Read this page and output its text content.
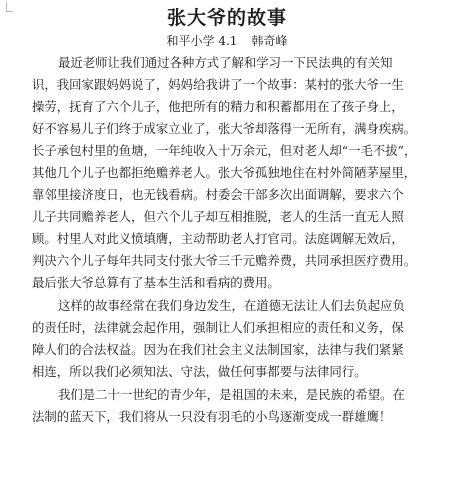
张大爷的故事
和平小学 4.1 韩奇峰

最近老师让我们通过各种方式了解和学习一下民法典的有关知
识，我回家跟妈妈说了，妈妈给我讲了一个故事：某村的张大爷一生
操劳，抚育了六个儿子，他把所有的精力和积蓄都用在了孩子身上，
好不容易儿子们终于成家立业了，张大爷却落得一无所有，满身疾病。
长子承包村里的鱼塘，一年纯收入十万余元，但对老人却“一毛不拔”，
其他几个儿子也都拒绝赡养老人。张大爷孤独地住在村外简陋茅屋里，
靠邻里接济度日，也无钱看病。村委会干部多次出面调解，要求六个
儿子共同赡养老人，但六个儿子却互相推脱，老人的生活一直无人照
顾。村里人对此义愤填膺，主动帮助老人打官司。法庭调解无效后，
判决六个儿子每年共同支付张大爷三千元赡养费，共同承担医疗费用。
最后张大爷总算有了基本生活和看病的费用。

这样的故事经常在我们身边发生，在道德无法让人们去负起应负
的责任时，法律就会起作用，强制让人们承担相应的责任和义务，保
障人们的合法权益。因为在我们社会主义法制国家，法律与我们紧紧
相连，所以我们必须知法、守法，做任何事都要与法律同行。

我们是二十一世纪的青少年，是祖国的未来，是民族的希望。在
法制的蓝天下，我们将从一只没有羽毛的小鸟逐渐变成一群雄鹰！
